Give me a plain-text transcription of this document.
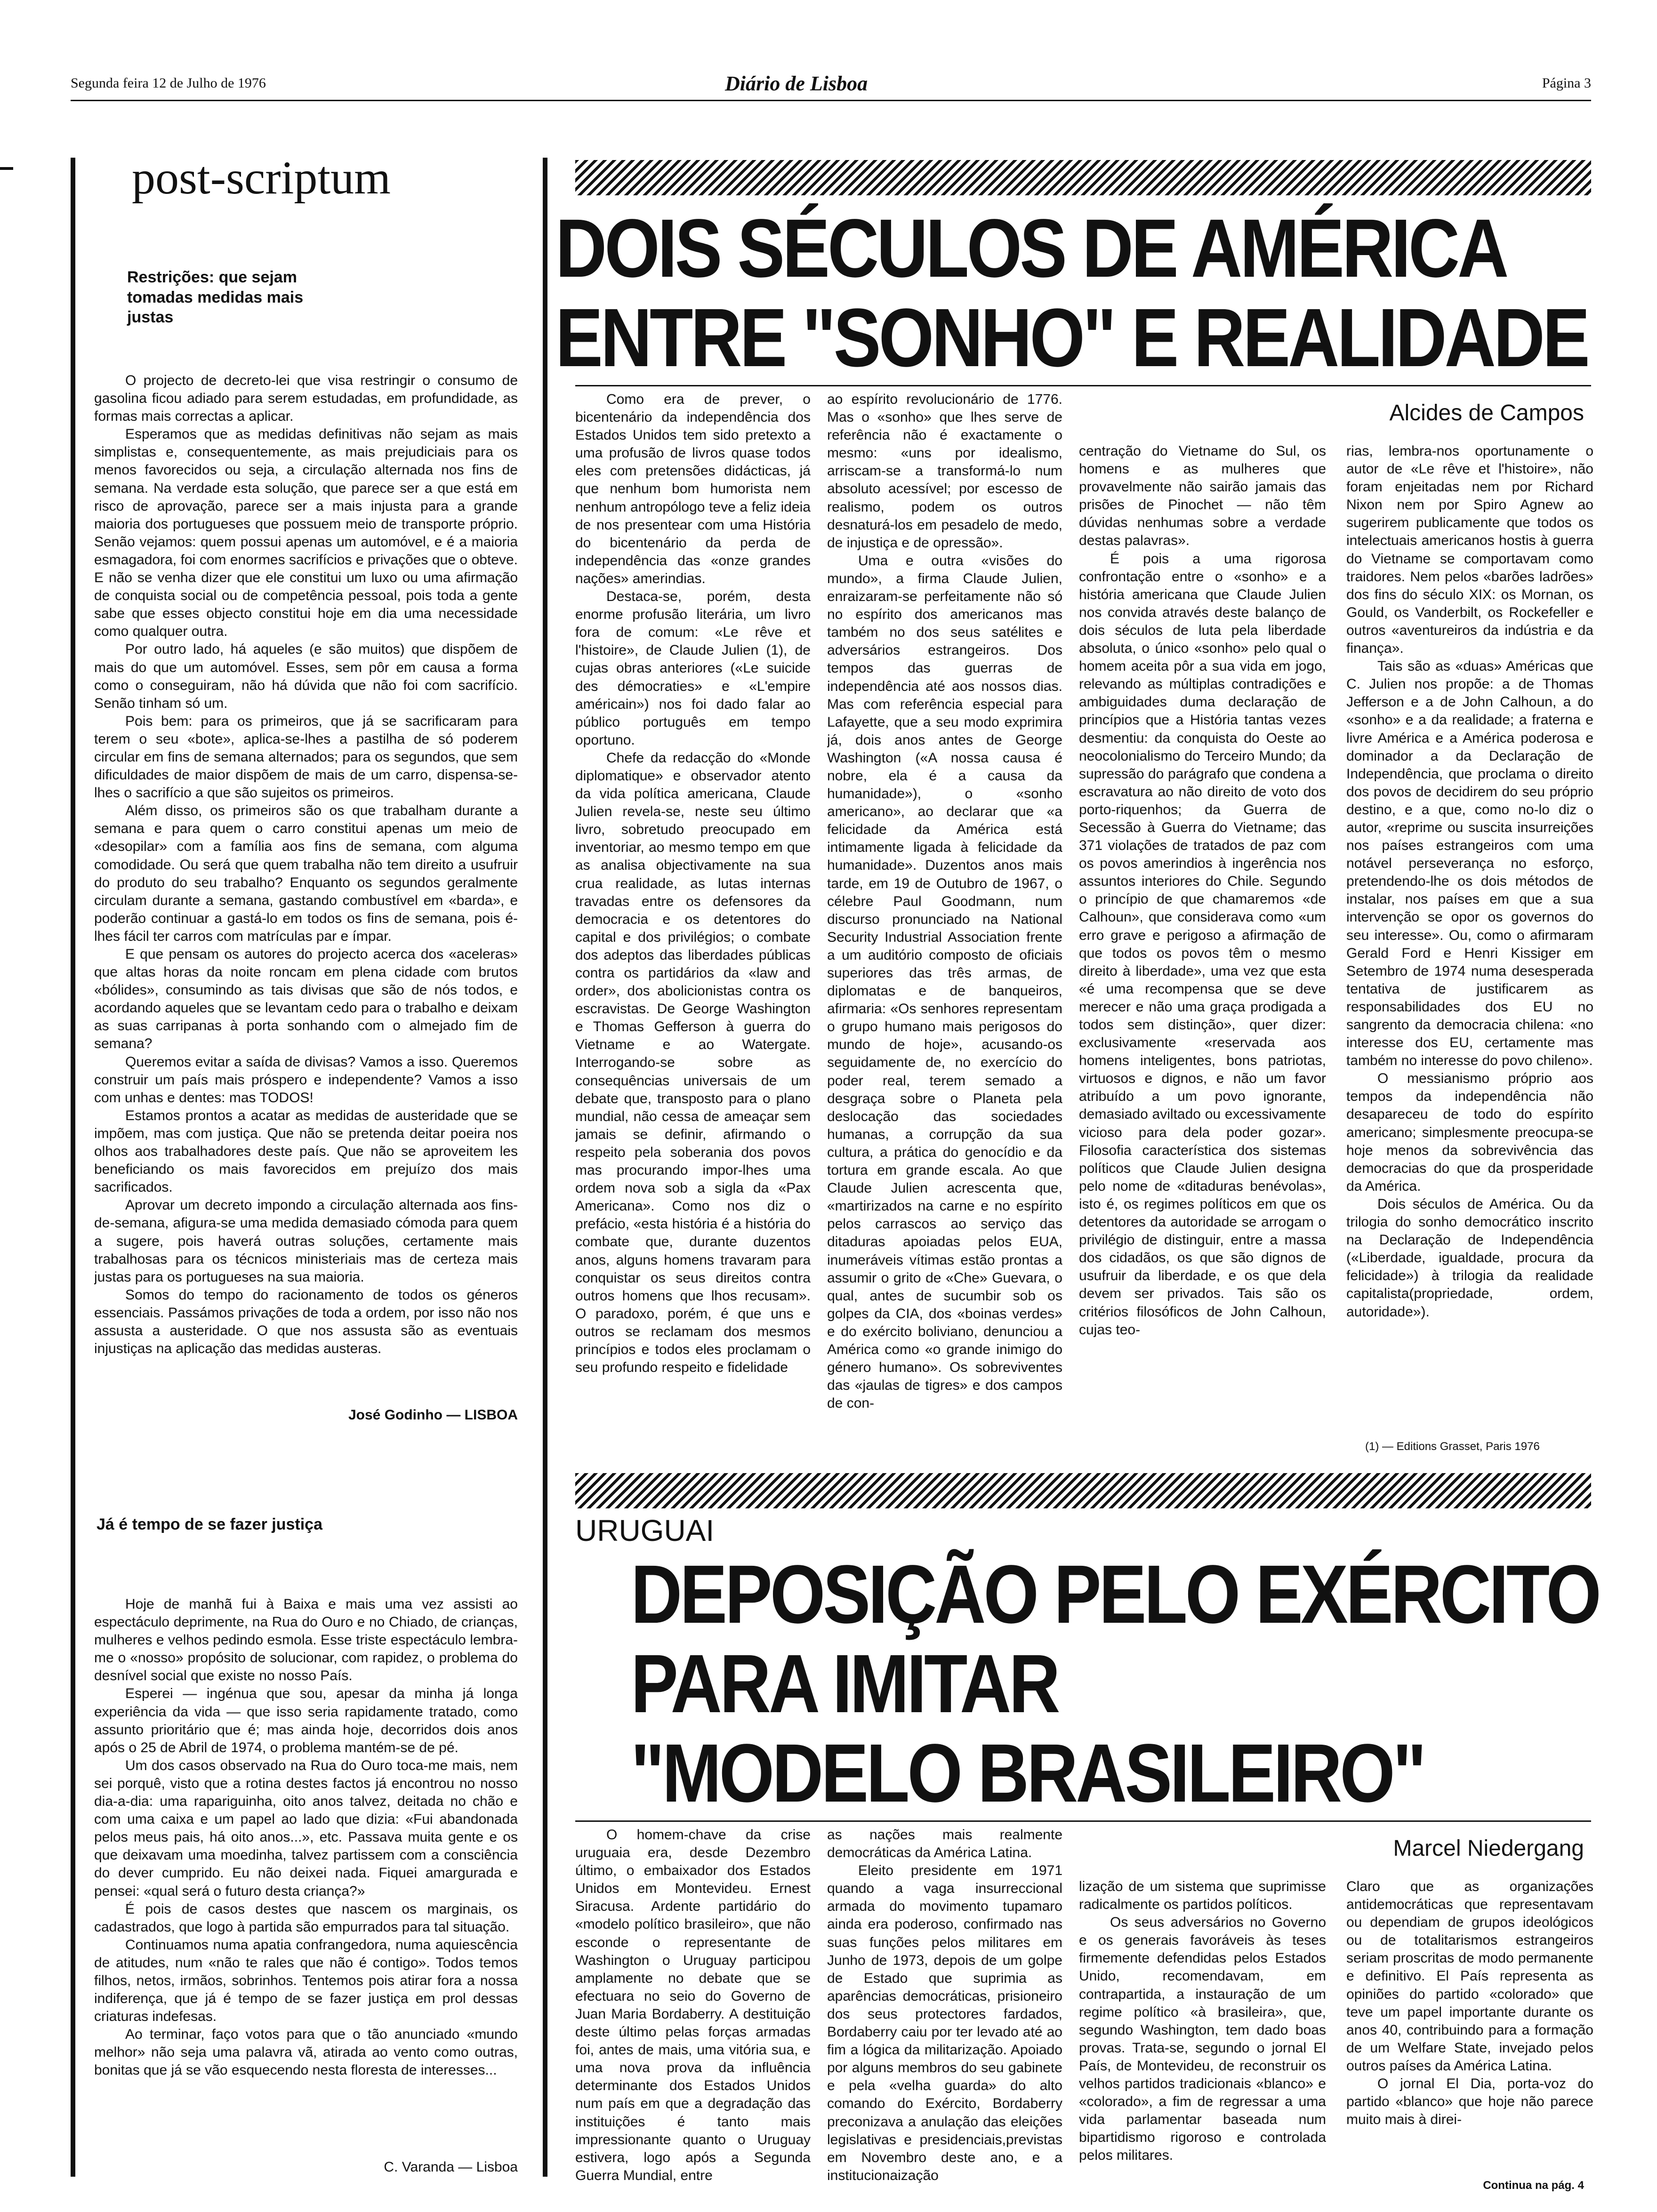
Segunda feira 12 de Julho de 1976	Diário de Lisboa	Página 3
post-scriptum
Restrições: que sejam tomadas medidas mais justas

O projecto de decreto-lei que visa restringir o consumo de gasolina ficou adiado para serem estudadas, em profundidade, as formas mais correctas a aplicar.

Esperamos que as medidas definitivas não sejam as mais simplistas e, consequentemente, as mais prejudiciais para os menos favorecidos ou seja, a circulação alternada nos fins de semana. Na verdade esta solução, que parece ser a que está em risco de aprovação, parece ser a mais injusta para a grande maioria dos portugueses que possuem meio de transporte próprio. Senão vejamos: quem possui apenas um automóvel, e é a maioria esmagadora, foi com enormes sacrifícios e privações que o obteve. E não se venha dizer que ele constitui um luxo ou uma afirmação de conquista social ou de competência pessoal, pois toda a gente sabe que esses objecto constitui hoje em dia uma necessidade como qualquer outra.

Por outro lado, há aqueles (e são muitos) que dispõem de mais do que um automóvel. Esses, sem pôr em causa a forma como o conseguiram, não há dúvida que não foi com sacrifício. Senão tinham só um.

Pois bem: para os primeiros, que já se sacrificaram para terem o seu «bote», aplica-se-lhes a pastilha de só poderem circular em fins de semana alternados; para os segundos, que sem dificuldades de maior dispõem de mais de um carro, dispensa-se-lhes o sacrifício a que são sujeitos os primeiros.

Além disso, os primeiros são os que trabalham durante a semana e para quem o carro constitui apenas um meio de «desopilar» com a família aos fins de semana, com alguma comodidade. Ou será que quem trabalha não tem direito a usufruir do produto do seu trabalho? Enquanto os segundos geralmente circulam durante a semana, gastando combustível em «barda», e poderão continuar a gastá-lo em todos os fins de semana, pois é-lhes fácil ter carros com matrículas par e ímpar.

E que pensam os autores do projecto acerca dos «aceleras» que altas horas da noite roncam em plena cidade com brutos «bólides», consumindo as tais divisas que são de nós todos, e acordando aqueles que se levantam cedo para o trabalho e deixam as suas carripanas à porta sonhando com o almejado fim de semana?

Queremos evitar a saída de divisas? Vamos a isso. Queremos construir um país mais próspero e independente? Vamos a isso com unhas e dentes: mas TODOS!

Estamos prontos a acatar as medidas de austeridade que se impõem, mas com justiça. Que não se pretenda deitar poeira nos olhos aos trabalhadores deste país. Que não se aproveitem les beneficiando os mais favorecidos em prejuízo dos mais sacrificados.

Aprovar um decreto impondo a circulação alternada aos fins-de-semana, afigura-se uma medida demasiado cómoda para quem a sugere, pois haverá outras soluções, certamente mais trabalhosas para os técnicos ministeriais mas de certeza mais justas para os portugueses na sua maioria.

Somos do tempo do racionamento de todos os géneros essenciais. Passámos privações de toda a ordem, por isso não nos assusta a austeridade. O que nos assusta são as eventuais injustiças na aplicação das medidas austeras.

José Godinho — LISBOA
Já é tempo de se fazer justiça

Hoje de manhã fui à Baixa e mais uma vez assisti ao espectáculo deprimente, na Rua do Ouro e no Chiado, de crianças, mulheres e velhos pedindo esmola. Esse triste espectáculo lembra-me o «nosso» propósito de solucionar, com rapidez, o problema do desnível social que existe no nosso País.

Esperei — ingénua que sou, apesar da minha já longa experiência da vida — que isso seria rapidamente tratado, como assunto prioritário que é; mas ainda hoje, decorridos dois anos após o 25 de Abril de 1974, o problema mantém-se de pé.

Um dos casos observado na Rua do Ouro toca-me mais, nem sei porquê, visto que a rotina destes factos já encontrou no nosso dia-a-dia: uma rapariguinha, oito anos talvez, deitada no chão e com uma caixa e um papel ao lado que dizia: «Fui abandonada pelos meus pais, há oito anos...», etc. Passava muita gente e os que deixavam uma moedinha, talvez partissem com a consciência do dever cumprido. Eu não deixei nada. Fiquei amargurada e pensei: «qual será o futuro desta criança?»

É pois de casos destes que nascem os marginais, os cadastrados, que logo à partida são empurrados para tal situação.

Continuamos numa apatia confrangedora, numa aquiescência de atitudes, num «não te rales que não é contigo». Todos temos filhos, netos, irmãos, sobrinhos. Tentemos pois atirar fora a nossa indiferença, que já é tempo de se fazer justiça em prol dessas criaturas indefesas.

Ao terminar, faço votos para que o tão anunciado «mundo melhor» não seja uma palavra vã, atirada ao vento como outras, bonitas que já se vão esquecendo nesta floresta de interesses...

C. Varanda — Lisboa
DOIS SÉCULOS DE AMÉRICA
ENTRE "SONHO" E REALIDADE
Alcides de Campos

Como era de prever, o bicentenário da independência dos Estados Unidos tem sido pretexto a uma profusão de livros quase todos eles com pretensões didácticas, já que nenhum bom humorista nem nenhum antropólogo teve a feliz ideia de nos presentear com uma História do bicentenário da perda de independência das «onze grandes nações» amerindias.

Destaca-se, porém, desta enorme profusão literária, um livro fora de comum: «Le rêve et l'histoire», de Claude Julien (1), de cujas obras anteriores («Le suicide des démocraties» e «L'empire américain») nos foi dado falar ao público português em tempo oportuno.

Chefe da redacção do «Monde diplomatique» e observador atento da vida política americana, Claude Julien revela-se, neste seu último livro, sobretudo preocupado em inventoriar, ao mesmo tempo em que as analisa objectivamente na sua crua realidade, as lutas internas travadas entre os defensores da democracia e os detentores do capital e dos privilégios; o combate dos adeptos das liberdades públicas contra os partidários da «law and order», dos abolicionistas contra os escravistas. De George Washington e Thomas Gefferson à guerra do Vietname e ao Watergate. Interrogando-se sobre as consequências universais de um debate que, transposto para o plano mundial, não cessa de ameaçar sem jamais se definir, afirmando o respeito pela soberania dos povos mas procurando impor-lhes uma ordem nova sob a sigla da «Pax Americana». Como nos diz o prefácio, «esta história é a história do combate que, durante duzentos anos, alguns homens travaram para conquistar os seus direitos contra outros homens que lhos recusam». O paradoxo, porém, é que uns e outros se reclamam dos mesmos princípios e todos eles proclamam o seu profundo respeito e fidelidade

ao espírito revolucionário de 1776. Mas o «sonho» que lhes serve de referência não é exactamente o mesmo: «uns por idealismo, arriscam-se a transformá-lo num absoluto acessível; por escesso de realismo, podem os outros desnaturá-los em pesadelo de medo, de injustiça e de opressão».

Uma e outra «visões do mundo», a firma Claude Julien, enraizaram-se perfeitamente não só no espírito dos americanos mas também no dos seus satélites e adversários estrangeiros. Dos tempos das guerras de independência até aos nossos dias. Mas com referência especial para Lafayette, que a seu modo exprimira já, dois anos antes de George Washington («A nossa causa é nobre, ela é a causa da humanidade»), o «sonho americano», ao declarar que «a felicidade da América está intimamente ligada à felicidade da humanidade». Duzentos anos mais tarde, em 19 de Outubro de 1967, o célebre Paul Goodmann, num discurso pronunciado na National Security Industrial Association frente a um auditório composto de oficiais superiores das três armas, de diplomatas e de banqueiros, afirmaria: «Os senhores representam o grupo humano mais perigosos do mundo de hoje», acusando-os seguidamente de, no exercício do poder real, terem semado a desgraça sobre o Planeta pela deslocação das sociedades humanas, a corrupção da sua cultura, a prática do genocídio e da tortura em grande escala. Ao que Claude Julien acrescenta que, «martirizados na carne e no espírito pelos carrascos ao serviço das ditaduras apoiadas pelos EUA, inumeráveis vítimas estão prontas a assumir o grito de «Che» Guevara, o qual, antes de sucumbir sob os golpes da CIA, dos «boinas verdes» e do exército boliviano, denunciou a América como «o grande inimigo do género humano». Os sobreviventes das «jaulas de tigres» e dos campos de con-

centração do Vietname do Sul, os homens e as mulheres que provavelmente não sairão jamais das prisões de Pinochet — não têm dúvidas nenhumas sobre a verdade destas palavras».

É pois a uma rigorosa confrontação entre o «sonho» e a história americana que Claude Julien nos convida através deste balanço de dois séculos de luta pela liberdade absoluta, o único «sonho» pelo qual o homem aceita pôr a sua vida em jogo, relevando as múltiplas contradições e ambiguidades duma declaração de princípios que a História tantas vezes desmentiu: da conquista do Oeste ao neocolonialismo do Terceiro Mundo; da supressão do parágrafo que condena a escravatura ao não direito de voto dos porto-riquenhos; da Guerra de Secessão à Guerra do Vietname; das 371 violações de tratados de paz com os povos amerindios à ingerência nos assuntos interiores do Chile. Segundo o princípio de que chamaremos «de Calhoun», que considerava como «um erro grave e perigoso a afirmação de que todos os povos têm o mesmo direito à liberdade», uma vez que esta «é uma recompensa que se deve merecer e não uma graça prodigada a todos sem distinção», quer dizer: exclusivamente «reservada aos homens inteligentes, bons patriotas, virtuosos e dignos, e não um favor atribuído a um povo ignorante, demasiado aviltado ou excessivamente vicioso para dela poder gozar». Filosofia característica dos sistemas políticos que Claude Julien designa pelo nome de «ditaduras benévolas», isto é, os regimes políticos em que os detentores da autoridade se arrogam o privilégio de distinguir, entre a massa dos cidadãos, os que são dignos de usufruir da liberdade, e os que dela devem ser privados. Tais são os critérios filosóficos de John Calhoun, cujas teo-

rias, lembra-nos oportunamente o autor de «Le rêve et l'histoire», não foram enjeitadas nem por Richard Nixon nem por Spiro Agnew ao sugerirem publicamente que todos os intelectuais americanos hostis à guerra do Vietname se comportavam como traidores. Nem pelos «barões ladrões» dos fins do século XIX: os Mornan, os Gould, os Vanderbilt, os Rockefeller e outros «aventureiros da indústria e da finança».

Tais são as «duas» Américas que C. Julien nos propõe: a de Thomas Jefferson e a de John Calhoun, a do «sonho» e a da realidade; a fraterna e livre América e a América poderosa e dominador a da Declaração de Independência, que proclama o direito dos povos de decidirem do seu próprio destino, e a que, como no-lo diz o autor, «reprime ou suscita insurreições nos países estrangeiros com uma notável perseverança no esforço, pretendendo-lhe os dois métodos de instalar, nos países em que a sua intervenção se opor os governos do seu interesse». Ou, como o afirmaram Gerald Ford e Henri Kissiger em Setembro de 1974 numa desesperada tentativa de justificarem as responsabilidades dos EU no sangrento da democracia chilena: «no interesse dos EU, certamente mas também no interesse do povo chileno».

O messianismo próprio aos tempos da independência não desapareceu de todo do espírito americano; simplesmente preocupa-se hoje menos da sobrevivência das democracias do que da prosperidade da América.

Dois séculos de América. Ou da trilogia do sonho democrático inscrito na Declaração de Independência («Liberdade, igualdade, procura da felicidade») à trilogia da realidade capitalista(propriedade, ordem, autoridade»).

(1) — Editions Grasset, Paris 1976
URUGUAI
DEPOSIÇÃO PELO EXÉRCITO
PARA IMITAR
"MODELO BRASILEIRO"
Marcel Niedergang

O homem-chave da crise uruguaia era, desde Dezembro último, o embaixador dos Estados Unidos em Montevideu. Ernest Siracusa. Ardente partidário do «modelo político brasileiro», que não esconde o representante de Washington o Uruguay participou amplamente no debate que se efectuara no seio do Governo de Juan Maria Bordaberry. A destituição deste último pelas forças armadas foi, antes de mais, uma vitória sua, e uma nova prova da influência determinante dos Estados Unidos num país em que a degradação das instituições é tanto mais impressionante quanto o Uruguay estivera, logo após a Segunda Guerra Mundial, entre

as nações mais realmente democráticas da América Latina.

Eleito presidente em 1971 quando a vaga insurreccional armada do movimento tupamaro ainda era poderoso, confirmado nas suas funções pelos militares em Junho de 1973, depois de um golpe de Estado que suprimia as aparências democráticas, prisioneiro dos seus protectores fardados, Bordaberry caiu por ter levado até ao fim a lógica da militarização. Apoiado por alguns membros do seu gabinete e pela «velha guarda» do alto comando do Exército, Bordaberry preconizava a anulação das eleições legislativas e presidenciais,previstas em Novembro deste ano, e a institucionaização

lização de um sistema que suprimisse radicalmente os partidos políticos.

Os seus adversários no Governo e os generais favoráveis às teses firmemente defendidas pelos Estados Unido, recomendavam, em contrapartida, a instauração de um regime político «à brasileira», que, segundo Washington, tem dado boas provas. Trata-se, segundo o jornal El País, de Montevideu, de reconstruir os velhos partidos tradicionais «blanco» e «colorado», a fim de regressar a uma vida parlamentar baseada num bipartidismo rigoroso e controlada pelos militares.

Claro que as organizações antidemocráticas que representavam ou dependiam de grupos ideológicos ou de totalitarismos estrangeiros seriam proscritas de modo permanente e definitivo. El País representa as opiniões do partido «colorado» que teve um papel importante durante os anos 40, contribuindo para a formação de um Welfare State, invejado pelos outros países da América Latina.

O jornal El Dia, porta-voz do partido «blanco» que hoje não parece muito mais à direi-

Continua na pág. 4
